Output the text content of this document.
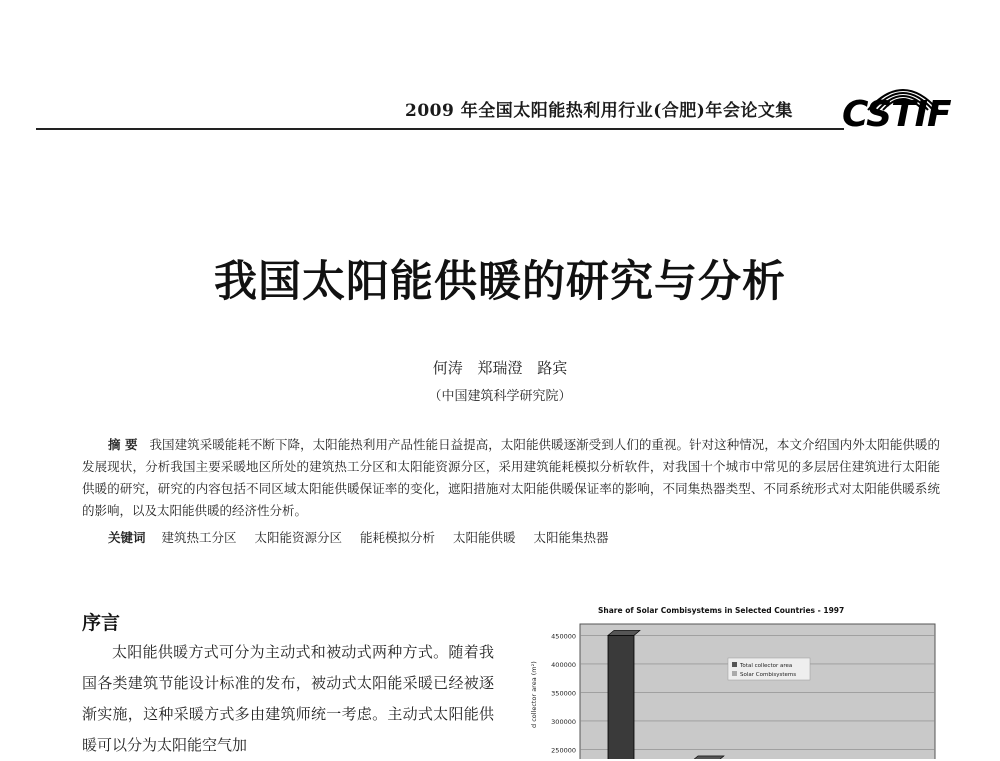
2009 年全国太阳能热利用行业(合肥)年会论文集 CSTIF
我国太阳能供暖的研究与分析
何涛 郑瑞澄 路宾
（中国建筑科学研究院）
摘 要 我国建筑采暖能耗不断下降，太阳能热利用产品性能日益提高，太阳能供暖逐渐受到人们的重视。针对这种情况，本文介绍国内外太阳能供暖的发展现状，分析我国主要采暖地区所处的建筑热工分区和太阳能资源分区，采用建筑能耗模拟分析软件，对我国十个城市中常见的多层居住建筑进行太阳能供暖的研究，研究的内容包括不同区域太阳能供暖保证率的变化，遮阳措施对太阳能供暖保证率的影响，不同集热器类型、不同系统形式对太阳能供暖系统的影响，以及太阳能供暖的经济性分析。
关键词 建筑热工分区 太阳能资源分区 能耗模拟分析 太阳能供暖 太阳能集热器
序言
太阳能供暖方式可分为主动式和被动式两种方式。随着我国各类建筑节能设计标准的发布，被动式太阳能采暖已经被逐渐实施，这种采暖方式多由建筑师统一考虑。主动式太阳能供暖可以分为太阳能空气加
Share of Solar Combisystems in Selected Countries - 1997
450000
400000
350000
300000
250000
d collector area (m²)	Total collector area
Solar Combisystems
